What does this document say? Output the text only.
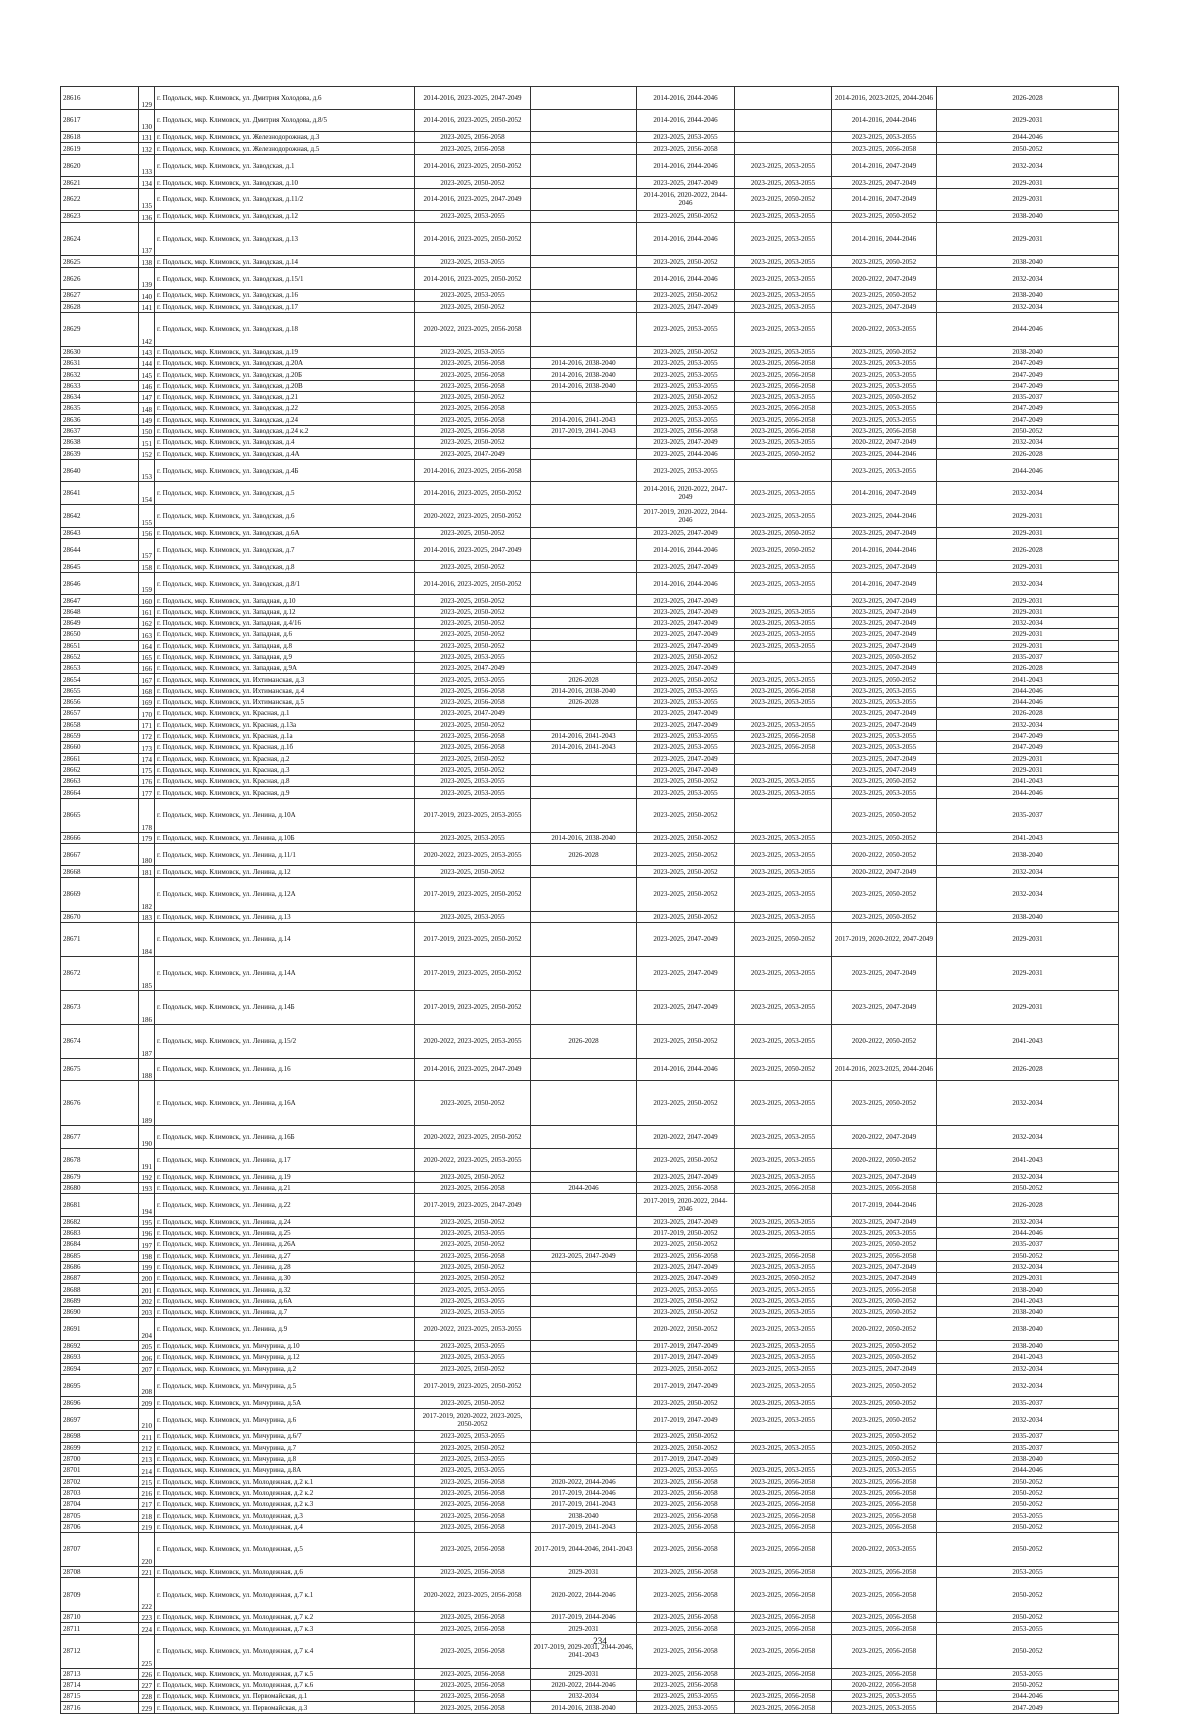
28616	129	г. Подольск, мкр. Климовск, ул. Дмитрия Холодова, д.6	2014-2016, 2023-2025, 2047-2049		2014-2016, 2044-2046		2014-2016, 2023-2025, 2044-2046	2026-2028
28617	130	г. Подольск, мкр. Климовск, ул. Дмитрия Холодова, д.8/5	2014-2016, 2023-2025, 2050-2052		2014-2016, 2044-2046		2014-2016, 2044-2046	2029-2031
28618	131	г. Подольск, мкр. Климовск, ул. Железнодорожная, д.3	2023-2025, 2056-2058		2023-2025, 2053-2055		2023-2025, 2053-2055	2044-2046
28619	132	г. Подольск, мкр. Климовск, ул. Железнодорожная, д.5	2023-2025, 2056-2058		2023-2025, 2056-2058		2023-2025, 2056-2058	2050-2052
28620	133	г. Подольск, мкр. Климовск, ул. Заводская, д.1	2014-2016, 2023-2025, 2050-2052		2014-2016, 2044-2046	2023-2025, 2053-2055	2014-2016, 2047-2049	2032-2034
28621	134	г. Подольск, мкр. Климовск, ул. Заводская, д.10	2023-2025, 2050-2052		2023-2025, 2047-2049	2023-2025, 2053-2055	2023-2025, 2047-2049	2029-2031
28622	135	г. Подольск, мкр. Климовск, ул. Заводская, д.11/2	2014-2016, 2023-2025, 2047-2049		2014-2016, 2020-2022, 2044-2046	2023-2025, 2050-2052	2014-2016, 2047-2049	2029-2031
28623	136	г. Подольск, мкр. Климовск, ул. Заводская, д.12	2023-2025, 2053-2055		2023-2025, 2050-2052	2023-2025, 2053-2055	2023-2025, 2050-2052	2038-2040
28624	137	г. Подольск, мкр. Климовск, ул. Заводская, д.13	2014-2016, 2023-2025, 2050-2052		2014-2016, 2044-2046	2023-2025, 2053-2055	2014-2016, 2044-2046	2029-2031
28625	138	г. Подольск, мкр. Климовск, ул. Заводская, д.14	2023-2025, 2053-2055		2023-2025, 2050-2052	2023-2025, 2053-2055	2023-2025, 2050-2052	2038-2040
28626	139	г. Подольск, мкр. Климовск, ул. Заводская, д.15/1	2014-2016, 2023-2025, 2050-2052		2014-2016, 2044-2046	2023-2025, 2053-2055	2020-2022, 2047-2049	2032-2034
28627	140	г. Подольск, мкр. Климовск, ул. Заводская, д.16	2023-2025, 2053-2055		2023-2025, 2050-2052	2023-2025, 2053-2055	2023-2025, 2050-2052	2038-2040
28628	141	г. Подольск, мкр. Климовск, ул. Заводская, д.17	2023-2025, 2050-2052		2023-2025, 2047-2049	2023-2025, 2053-2055	2023-2025, 2047-2049	2032-2034
28629	142	г. Подольск, мкр. Климовск, ул. Заводская, д.18	2020-2022, 2023-2025, 2056-2058		2023-2025, 2053-2055	2023-2025, 2053-2055	2020-2022, 2053-2055	2044-2046
28630	143	г. Подольск, мкр. Климовск, ул. Заводская, д.19	2023-2025, 2053-2055		2023-2025, 2050-2052	2023-2025, 2053-2055	2023-2025, 2050-2052	2038-2040
28631	144	г. Подольск, мкр. Климовск, ул. Заводская, д.20А	2023-2025, 2056-2058	2014-2016, 2038-2040	2023-2025, 2053-2055	2023-2025, 2056-2058	2023-2025, 2053-2055	2047-2049
28632	145	г. Подольск, мкр. Климовск, ул. Заводская, д.20Б	2023-2025, 2056-2058	2014-2016, 2038-2040	2023-2025, 2053-2055	2023-2025, 2056-2058	2023-2025, 2053-2055	2047-2049
28633	146	г. Подольск, мкр. Климовск, ул. Заводская, д.20В	2023-2025, 2056-2058	2014-2016, 2038-2040	2023-2025, 2053-2055	2023-2025, 2056-2058	2023-2025, 2053-2055	2047-2049
28634	147	г. Подольск, мкр. Климовск, ул. Заводская, д.21	2023-2025, 2050-2052		2023-2025, 2050-2052	2023-2025, 2053-2055	2023-2025, 2050-2052	2035-2037
28635	148	г. Подольск, мкр. Климовск, ул. Заводская, д.22	2023-2025, 2056-2058		2023-2025, 2053-2055	2023-2025, 2056-2058	2023-2025, 2053-2055	2047-2049
28636	149	г. Подольск, мкр. Климовск, ул. Заводская, д.24	2023-2025, 2056-2058	2014-2016, 2041-2043	2023-2025, 2053-2055	2023-2025, 2056-2058	2023-2025, 2053-2055	2047-2049
28637	150	г. Подольск, мкр. Климовск, ул. Заводская, д.24 к.2	2023-2025, 2056-2058	2017-2019, 2041-2043	2023-2025, 2056-2058	2023-2025, 2056-2058	2023-2025, 2056-2058	2050-2052
28638	151	г. Подольск, мкр. Климовск, ул. Заводская, д.4	2023-2025, 2050-2052		2023-2025, 2047-2049	2023-2025, 2053-2055	2020-2022, 2047-2049	2032-2034
28639	152	г. Подольск, мкр. Климовск, ул. Заводская, д.4А	2023-2025, 2047-2049		2023-2025, 2044-2046	2023-2025, 2050-2052	2023-2025, 2044-2046	2026-2028
28640	153	г. Подольск, мкр. Климовск, ул. Заводская, д.4Б	2014-2016, 2023-2025, 2056-2058		2023-2025, 2053-2055		2023-2025, 2053-2055	2044-2046
28641	154	г. Подольск, мкр. Климовск, ул. Заводская, д.5	2014-2016, 2023-2025, 2050-2052		2014-2016, 2020-2022, 2047-2049	2023-2025, 2053-2055	2014-2016, 2047-2049	2032-2034
28642	155	г. Подольск, мкр. Климовск, ул. Заводская, д.6	2020-2022, 2023-2025, 2050-2052		2017-2019, 2020-2022, 2044-2046	2023-2025, 2053-2055	2023-2025, 2044-2046	2029-2031
28643	156	г. Подольск, мкр. Климовск, ул. Заводская, д.6А	2023-2025, 2050-2052		2023-2025, 2047-2049	2023-2025, 2050-2052	2023-2025, 2047-2049	2029-2031
28644	157	г. Подольск, мкр. Климовск, ул. Заводская, д.7	2014-2016, 2023-2025, 2047-2049		2014-2016, 2044-2046	2023-2025, 2050-2052	2014-2016, 2044-2046	2026-2028
28645	158	г. Подольск, мкр. Климовск, ул. Заводская, д.8	2023-2025, 2050-2052		2023-2025, 2047-2049	2023-2025, 2053-2055	2023-2025, 2047-2049	2029-2031
28646	159	г. Подольск, мкр. Климовск, ул. Заводская, д.8/1	2014-2016, 2023-2025, 2050-2052		2014-2016, 2044-2046	2023-2025, 2053-2055	2014-2016, 2047-2049	2032-2034
28647	160	г. Подольск, мкр. Климовск, ул. Западная, д.10	2023-2025, 2050-2052		2023-2025, 2047-2049		2023-2025, 2047-2049	2029-2031
28648	161	г. Подольск, мкр. Климовск, ул. Западная, д.12	2023-2025, 2050-2052		2023-2025, 2047-2049	2023-2025, 2053-2055	2023-2025, 2047-2049	2029-2031
28649	162	г. Подольск, мкр. Климовск, ул. Западная, д.4/16	2023-2025, 2050-2052		2023-2025, 2047-2049	2023-2025, 2053-2055	2023-2025, 2047-2049	2032-2034
28650	163	г. Подольск, мкр. Климовск, ул. Западная, д.6	2023-2025, 2050-2052		2023-2025, 2047-2049	2023-2025, 2053-2055	2023-2025, 2047-2049	2029-2031
28651	164	г. Подольск, мкр. Климовск, ул. Западная, д.8	2023-2025, 2050-2052		2023-2025, 2047-2049	2023-2025, 2053-2055	2023-2025, 2047-2049	2029-2031
28652	165	г. Подольск, мкр. Климовск, ул. Западная, д.9	2023-2025, 2053-2055		2023-2025, 2050-2052		2023-2025, 2050-2052	2035-2037
28653	166	г. Подольск, мкр. Климовск, ул. Западная, д.9А	2023-2025, 2047-2049		2023-2025, 2047-2049		2023-2025, 2047-2049	2026-2028
28654	167	г. Подольск, мкр. Климовск, ул. Ихтиманская, д.3	2023-2025, 2053-2055	2026-2028	2023-2025, 2050-2052	2023-2025, 2053-2055	2023-2025, 2050-2052	2041-2043
28655	168	г. Подольск, мкр. Климовск, ул. Ихтиманская, д.4	2023-2025, 2056-2058	2014-2016, 2038-2040	2023-2025, 2053-2055	2023-2025, 2056-2058	2023-2025, 2053-2055	2044-2046
28656	169	г. Подольск, мкр. Климовск, ул. Ихтиманская, д.5	2023-2025, 2056-2058	2026-2028	2023-2025, 2053-2055	2023-2025, 2053-2055	2023-2025, 2053-2055	2044-2046
28657	170	г. Подольск, мкр. Климовск, ул. Красная, д.1	2023-2025, 2047-2049		2023-2025, 2047-2049		2023-2025, 2047-2049	2026-2028
28658	171	г. Подольск, мкр. Климовск, ул. Красная, д.13а	2023-2025, 2050-2052		2023-2025, 2047-2049	2023-2025, 2053-2055	2023-2025, 2047-2049	2032-2034
28659	172	г. Подольск, мкр. Климовск, ул. Красная, д.1а	2023-2025, 2056-2058	2014-2016, 2041-2043	2023-2025, 2053-2055	2023-2025, 2056-2058	2023-2025, 2053-2055	2047-2049
28660	173	г. Подольск, мкр. Климовск, ул. Красная, д.1б	2023-2025, 2056-2058	2014-2016, 2041-2043	2023-2025, 2053-2055	2023-2025, 2056-2058	2023-2025, 2053-2055	2047-2049
28661	174	г. Подольск, мкр. Климовск, ул. Красная, д.2	2023-2025, 2050-2052		2023-2025, 2047-2049		2023-2025, 2047-2049	2029-2031
28662	175	г. Подольск, мкр. Климовск, ул. Красная, д.3	2023-2025, 2050-2052		2023-2025, 2047-2049		2023-2025, 2047-2049	2029-2031
28663	176	г. Подольск, мкр. Климовск, ул. Красная, д.8	2023-2025, 2053-2055		2023-2025, 2050-2052	2023-2025, 2053-2055	2023-2025, 2050-2052	2041-2043
28664	177	г. Подольск, мкр. Климовск, ул. Красная, д.9	2023-2025, 2053-2055		2023-2025, 2053-2055	2023-2025, 2053-2055	2023-2025, 2053-2055	2044-2046
28665	178	г. Подольск, мкр. Климовск, ул. Ленина, д.10А	2017-2019, 2023-2025, 2053-2055		2023-2025, 2050-2052		2023-2025, 2050-2052	2035-2037
28666	179	г. Подольск, мкр. Климовск, ул. Ленина, д.10Б	2023-2025, 2053-2055	2014-2016, 2038-2040	2023-2025, 2050-2052	2023-2025, 2053-2055	2023-2025, 2050-2052	2041-2043
28667	180	г. Подольск, мкр. Климовск, ул. Ленина, д.11/1	2020-2022, 2023-2025, 2053-2055	2026-2028	2023-2025, 2050-2052	2023-2025, 2053-2055	2020-2022, 2050-2052	2038-2040
28668	181	г. Подольск, мкр. Климовск, ул. Ленина, д.12	2023-2025, 2050-2052		2023-2025, 2050-2052	2023-2025, 2053-2055	2020-2022, 2047-2049	2032-2034
28669	182	г. Подольск, мкр. Климовск, ул. Ленина, д.12А	2017-2019, 2023-2025, 2050-2052		2023-2025, 2050-2052	2023-2025, 2053-2055	2023-2025, 2050-2052	2032-2034
28670	183	г. Подольск, мкр. Климовск, ул. Ленина, д.13	2023-2025, 2053-2055		2023-2025, 2050-2052	2023-2025, 2053-2055	2023-2025, 2050-2052	2038-2040
28671	184	г. Подольск, мкр. Климовск, ул. Ленина, д.14	2017-2019, 2023-2025, 2050-2052		2023-2025, 2047-2049	2023-2025, 2050-2052	2017-2019, 2020-2022, 2047-2049	2029-2031
28672	185	г. Подольск, мкр. Климовск, ул. Ленина, д.14А	2017-2019, 2023-2025, 2050-2052		2023-2025, 2047-2049	2023-2025, 2053-2055	2023-2025, 2047-2049	2029-2031
28673	186	г. Подольск, мкр. Климовск, ул. Ленина, д.14Б	2017-2019, 2023-2025, 2050-2052		2023-2025, 2047-2049	2023-2025, 2053-2055	2023-2025, 2047-2049	2029-2031
28674	187	г. Подольск, мкр. Климовск, ул. Ленина, д.15/2	2020-2022, 2023-2025, 2053-2055	2026-2028	2023-2025, 2050-2052	2023-2025, 2053-2055	2020-2022, 2050-2052	2041-2043
28675	188	г. Подольск, мкр. Климовск, ул. Ленина, д.16	2014-2016, 2023-2025, 2047-2049		2014-2016, 2044-2046	2023-2025, 2050-2052	2014-2016, 2023-2025, 2044-2046	2026-2028
28676	189	г. Подольск, мкр. Климовск, ул. Ленина, д.16А	2023-2025, 2050-2052		2023-2025, 2050-2052	2023-2025, 2053-2055	2023-2025, 2050-2052	2032-2034
28677	190	г. Подольск, мкр. Климовск, ул. Ленина, д.16Б	2020-2022, 2023-2025, 2050-2052		2020-2022, 2047-2049	2023-2025, 2053-2055	2020-2022, 2047-2049	2032-2034
28678	191	г. Подольск, мкр. Климовск, ул. Ленина, д.17	2020-2022, 2023-2025, 2053-2055		2023-2025, 2050-2052	2023-2025, 2053-2055	2020-2022, 2050-2052	2041-2043
28679	192	г. Подольск, мкр. Климовск, ул. Ленина, д.19	2023-2025, 2050-2052		2023-2025, 2047-2049	2023-2025, 2053-2055	2023-2025, 2047-2049	2032-2034
28680	193	г. Подольск, мкр. Климовск, ул. Ленина, д.21	2023-2025, 2056-2058	2044-2046	2023-2025, 2056-2058	2023-2025, 2056-2058	2023-2025, 2056-2058	2050-2052
28681	194	г. Подольск, мкр. Климовск, ул. Ленина, д.22	2017-2019, 2023-2025, 2047-2049		2017-2019, 2020-2022, 2044-2046		2017-2019, 2044-2046	2026-2028
28682	195	г. Подольск, мкр. Климовск, ул. Ленина, д.24	2023-2025, 2050-2052		2023-2025, 2047-2049	2023-2025, 2053-2055	2023-2025, 2047-2049	2032-2034
28683	196	г. Подольск, мкр. Климовск, ул. Ленина, д.25	2023-2025, 2053-2055		2017-2019, 2050-2052	2023-2025, 2053-2055	2023-2025, 2053-2055	2044-2046
28684	197	г. Подольск, мкр. Климовск, ул. Ленина, д.26А	2023-2025, 2050-2052		2023-2025, 2050-2052		2023-2025, 2050-2052	2035-2037
28685	198	г. Подольск, мкр. Климовск, ул. Ленина, д.27	2023-2025, 2056-2058	2023-2025, 2047-2049	2023-2025, 2056-2058	2023-2025, 2056-2058	2023-2025, 2056-2058	2050-2052
28686	199	г. Подольск, мкр. Климовск, ул. Ленина, д.28	2023-2025, 2050-2052		2023-2025, 2047-2049	2023-2025, 2053-2055	2023-2025, 2047-2049	2032-2034
28687	200	г. Подольск, мкр. Климовск, ул. Ленина, д.30	2023-2025, 2050-2052		2023-2025, 2047-2049	2023-2025, 2050-2052	2023-2025, 2047-2049	2029-2031
28688	201	г. Подольск, мкр. Климовск, ул. Ленина, д.32	2023-2025, 2053-2055		2023-2025, 2053-2055	2023-2025, 2053-2055	2023-2025, 2056-2058	2038-2040
28689	202	г. Подольск, мкр. Климовск, ул. Ленина, д.6А	2023-2025, 2053-2055		2023-2025, 2050-2052	2023-2025, 2053-2055	2023-2025, 2050-2052	2041-2043
28690	203	г. Подольск, мкр. Климовск, ул. Ленина, д.7	2023-2025, 2053-2055		2023-2025, 2050-2052	2023-2025, 2053-2055	2023-2025, 2050-2052	2038-2040
28691	204	г. Подольск, мкр. Климовск, ул. Ленина, д.9	2020-2022, 2023-2025, 2053-2055		2020-2022, 2050-2052	2023-2025, 2053-2055	2020-2022, 2050-2052	2038-2040
28692	205	г. Подольск, мкр. Климовск, ул. Мичурина, д.10	2023-2025, 2053-2055		2017-2019, 2047-2049	2023-2025, 2053-2055	2023-2025, 2050-2052	2038-2040
28693	206	г. Подольск, мкр. Климовск, ул. Мичурина, д.12	2023-2025, 2053-2055		2017-2019, 2047-2049	2023-2025, 2053-2055	2023-2025, 2050-2052	2041-2043
28694	207	г. Подольск, мкр. Климовск, ул. Мичурина, д.2	2023-2025, 2050-2052		2023-2025, 2050-2052	2023-2025, 2053-2055	2023-2025, 2047-2049	2032-2034
28695	208	г. Подольск, мкр. Климовск, ул. Мичурина, д.5	2017-2019, 2023-2025, 2050-2052		2017-2019, 2047-2049	2023-2025, 2053-2055	2023-2025, 2050-2052	2032-2034
28696	209	г. Подольск, мкр. Климовск, ул. Мичурина, д.5А	2023-2025, 2050-2052		2023-2025, 2050-2052	2023-2025, 2053-2055	2023-2025, 2050-2052	2035-2037
28697	210	г. Подольск, мкр. Климовск, ул. Мичурина, д.6	2017-2019, 2020-2022, 2023-2025, 2050-2052		2017-2019, 2047-2049	2023-2025, 2053-2055	2023-2025, 2050-2052	2032-2034
28698	211	г. Подольск, мкр. Климовск, ул. Мичурина, д.6/7	2023-2025, 2053-2055		2023-2025, 2050-2052		2023-2025, 2050-2052	2035-2037
28699	212	г. Подольск, мкр. Климовск, ул. Мичурина, д.7	2023-2025, 2050-2052		2023-2025, 2050-2052	2023-2025, 2053-2055	2023-2025, 2050-2052	2035-2037
28700	213	г. Подольск, мкр. Климовск, ул. Мичурина, д.8	2023-2025, 2053-2055		2017-2019, 2047-2049		2023-2025, 2050-2052	2038-2040
28701	214	г. Подольск, мкр. Климовск, ул. Мичурина, д.8А	2023-2025, 2053-2055		2023-2025, 2053-2055	2023-2025, 2053-2055	2023-2025, 2053-2055	2044-2046
28702	215	г. Подольск, мкр. Климовск, ул. Молодежная, д.2 к.1	2023-2025, 2056-2058	2020-2022, 2044-2046	2023-2025, 2056-2058	2023-2025, 2056-2058	2023-2025, 2056-2058	2050-2052
28703	216	г. Подольск, мкр. Климовск, ул. Молодежная, д.2 к.2	2023-2025, 2056-2058	2017-2019, 2044-2046	2023-2025, 2056-2058	2023-2025, 2056-2058	2023-2025, 2056-2058	2050-2052
28704	217	г. Подольск, мкр. Климовск, ул. Молодежная, д.2 к.3	2023-2025, 2056-2058	2017-2019, 2041-2043	2023-2025, 2056-2058	2023-2025, 2056-2058	2023-2025, 2056-2058	2050-2052
28705	218	г. Подольск, мкр. Климовск, ул. Молодежная, д.3	2023-2025, 2056-2058	2038-2040	2023-2025, 2056-2058	2023-2025, 2056-2058	2023-2025, 2056-2058	2053-2055
28706	219	г. Подольск, мкр. Климовск, ул. Молодежная, д.4	2023-2025, 2056-2058	2017-2019, 2041-2043	2023-2025, 2056-2058	2023-2025, 2056-2058	2023-2025, 2056-2058	2050-2052
28707	220	г. Подольск, мкр. Климовск, ул. Молодежная, д.5	2023-2025, 2056-2058	2017-2019, 2044-2046, 2041-2043	2023-2025, 2056-2058	2023-2025, 2056-2058	2020-2022, 2053-2055	2050-2052
28708	221	г. Подольск, мкр. Климовск, ул. Молодежная, д.6	2023-2025, 2056-2058	2029-2031	2023-2025, 2056-2058	2023-2025, 2056-2058	2023-2025, 2056-2058	2053-2055
28709	222	г. Подольск, мкр. Климовск, ул. Молодежная, д.7 к.1	2020-2022, 2023-2025, 2056-2058	2020-2022, 2044-2046	2023-2025, 2056-2058	2023-2025, 2056-2058	2023-2025, 2056-2058	2050-2052
28710	223	г. Подольск, мкр. Климовск, ул. Молодежная, д.7 к.2	2023-2025, 2056-2058	2017-2019, 2044-2046	2023-2025, 2056-2058	2023-2025, 2056-2058	2023-2025, 2056-2058	2050-2052
28711	224	г. Подольск, мкр. Климовск, ул. Молодежная, д.7 к.3	2023-2025, 2056-2058	2029-2031	2023-2025, 2056-2058	2023-2025, 2056-2058	2023-2025, 2056-2058	2053-2055
28712	225	г. Подольск, мкр. Климовск, ул. Молодежная, д.7 к.4	2023-2025, 2056-2058	2017-2019, 2029-2031, 2044-2046, 2041-2043	2023-2025, 2056-2058	2023-2025, 2056-2058	2023-2025, 2056-2058	2050-2052
28713	226	г. Подольск, мкр. Климовск, ул. Молодежная, д.7 к.5	2023-2025, 2056-2058	2029-2031	2023-2025, 2056-2058	2023-2025, 2056-2058	2023-2025, 2056-2058	2053-2055
28714	227	г. Подольск, мкр. Климовск, ул. Молодежная, д.7 к.6	2023-2025, 2056-2058	2020-2022, 2044-2046	2023-2025, 2056-2058		2020-2022, 2056-2058	2050-2052
28715	228	г. Подольск, мкр. Климовск, ул. Первомайская, д.1	2023-2025, 2056-2058	2032-2034	2023-2025, 2053-2055	2023-2025, 2056-2058	2023-2025, 2053-2055	2044-2046
28716	229	г. Подольск, мкр. Климовск, ул. Первомайская, д.3	2023-2025, 2056-2058	2014-2016, 2038-2040	2023-2025, 2053-2055	2023-2025, 2056-2058	2023-2025, 2053-2055	2047-2049
234
